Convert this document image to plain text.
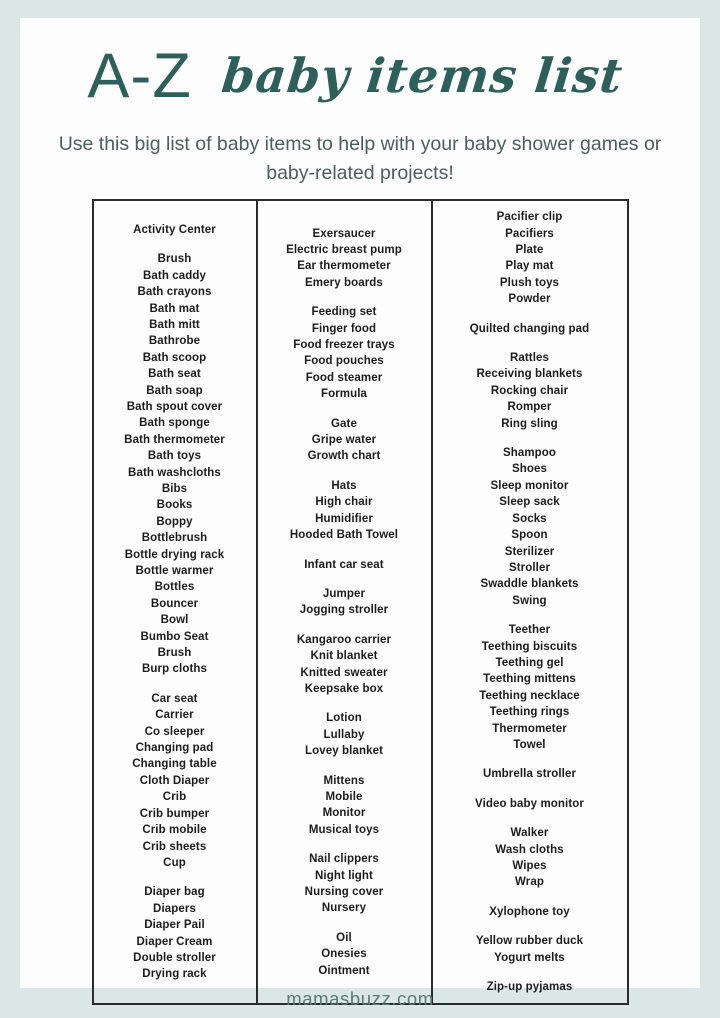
A-Z baby items list

Use this big list of baby items to help with your baby shower games or baby-related projects!

Activity Center
Brush
Bath caddy
Bath crayons
Bath mat
Bath mitt
Bathrobe
Bath scoop
Bath seat
Bath soap
Bath spout cover
Bath sponge
Bath thermometer
Bath toys
Bath washcloths
Bibs
Books
Boppy
Bottlebrush
Bottle drying rack
Bottle warmer
Bottles
Bouncer
Bowl
Bumbo Seat
Brush
Burp cloths
Car seat
Carrier
Co sleeper
Changing pad
Changing table
Cloth Diaper
Crib
Crib bumper
Crib mobile
Crib sheets
Cup
Diaper bag
Diapers
Diaper Pail
Diaper Cream
Double stroller
Drying rack
Exersaucer
Electric breast pump
Ear thermometer
Emery boards
Feeding set
Finger food
Food freezer trays
Food pouches
Food steamer
Formula
Gate
Gripe water
Growth chart
Hats
High chair
Humidifier
Hooded Bath Towel
Infant car seat
Jumper
Jogging stroller
Kangaroo carrier
Knit blanket
Knitted sweater
Keepsake box
Lotion
Lullaby
Lovey blanket
Mittens
Mobile
Monitor
Musical toys
Nail clippers
Night light
Nursing cover
Nursery
Oil
Onesies
Ointment
Pacifier clip
Pacifiers
Plate
Play mat
Plush toys
Powder
Quilted changing pad
Rattles
Receiving blankets
Rocking chair
Romper
Ring sling
Shampoo
Shoes
Sleep monitor
Sleep sack
Socks
Spoon
Sterilizer
Stroller
Swaddle blankets
Swing
Teether
Teething biscuits
Teething gel
Teething mittens
Teething necklace
Teething rings
Thermometer
Towel
Umbrella stroller
Video baby monitor
Walker
Wash cloths
Wipes
Wrap
Xylophone toy
Yellow rubber duck
Yogurt melts
Zip-up pyjamas
mamasbuzz.com
